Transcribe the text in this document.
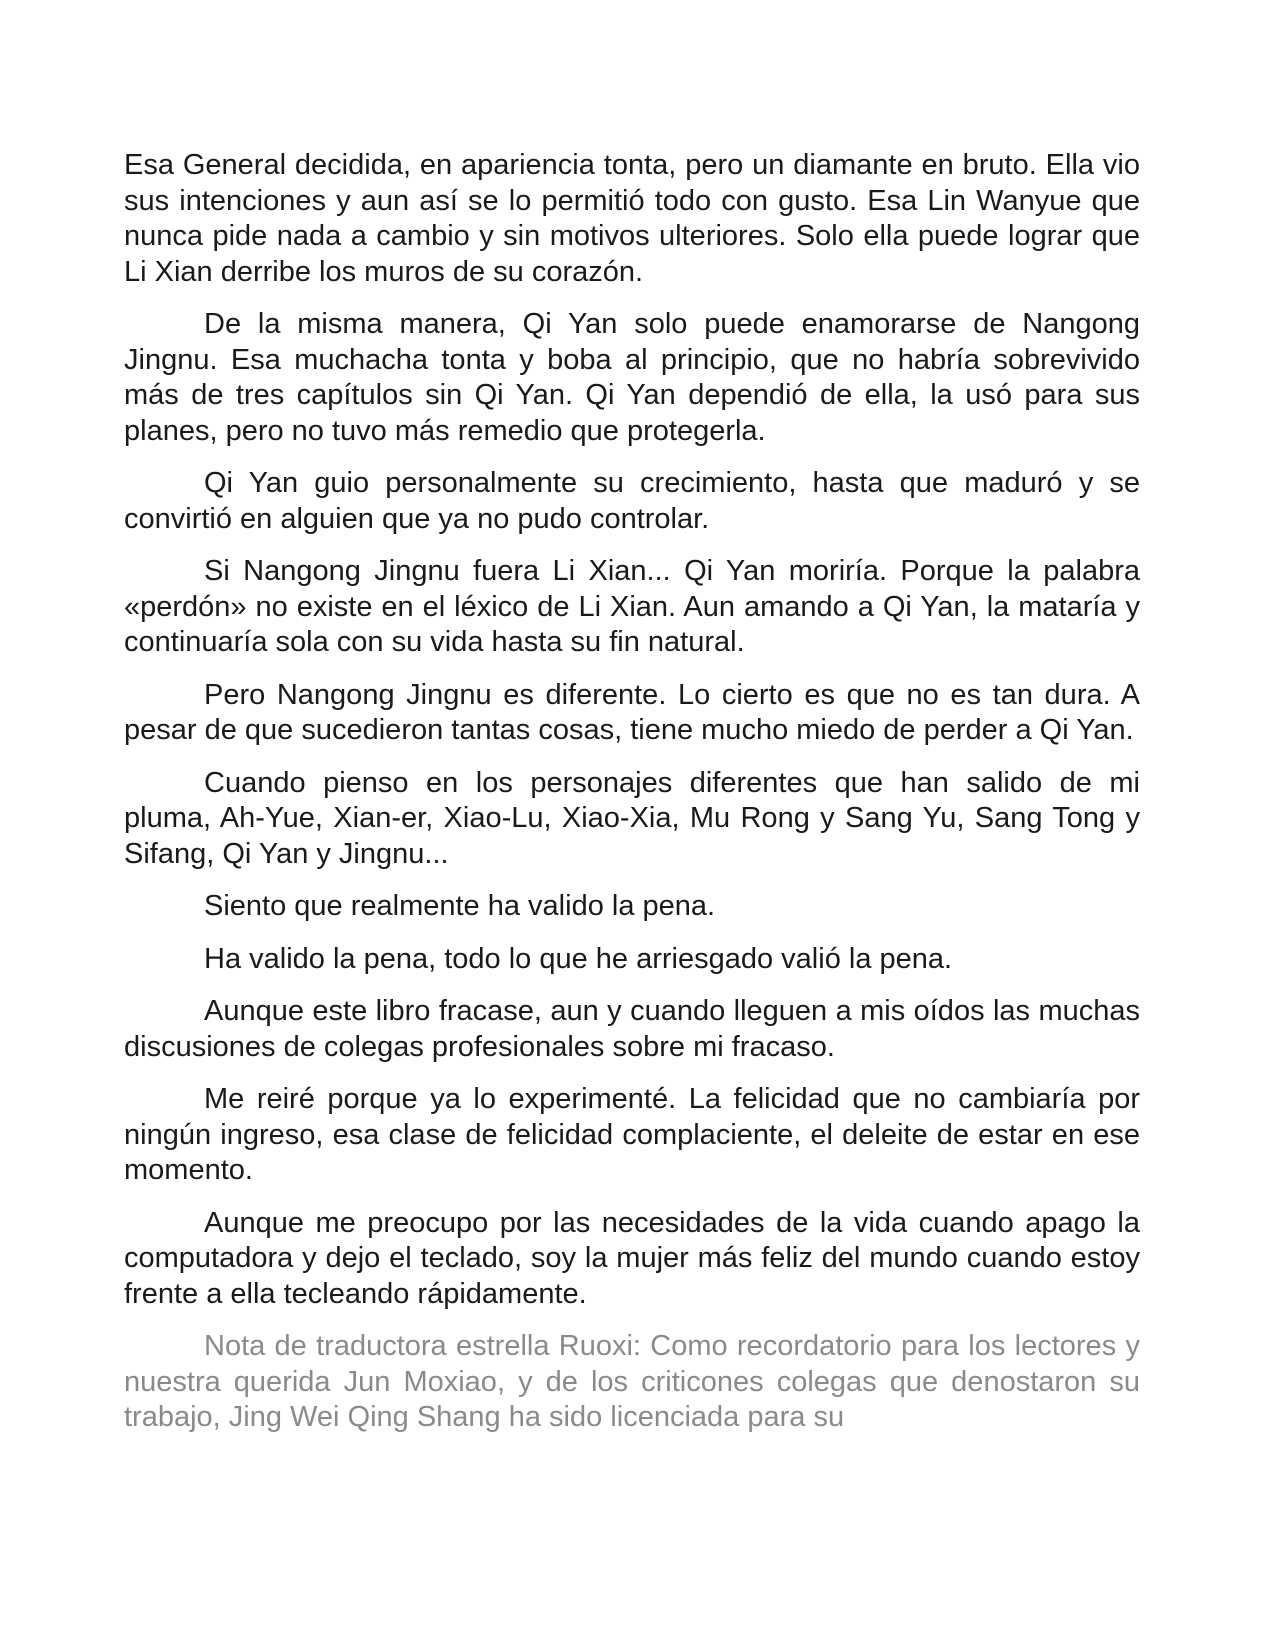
Esa General decidida, en apariencia tonta, pero un diamante en bruto. Ella vio sus intenciones y aun así se lo permitió todo con gusto. Esa Lin Wanyue que nunca pide nada a cambio y sin motivos ulteriores. Solo ella puede lograr que Li Xian derribe los muros de su corazón.

De la misma manera, Qi Yan solo puede enamorarse de Nangong Jingnu. Esa muchacha tonta y boba al principio, que no habría sobrevivido más de tres capítulos sin Qi Yan. Qi Yan dependió de ella, la usó para sus planes, pero no tuvo más remedio que protegerla.

Qi Yan guio personalmente su crecimiento, hasta que maduró y se convirtió en alguien que ya no pudo controlar.

Si Nangong Jingnu fuera Li Xian... Qi Yan moriría. Porque la palabra «perdón» no existe en el léxico de Li Xian. Aun amando a Qi Yan, la mataría y continuaría sola con su vida hasta su fin natural.

Pero Nangong Jingnu es diferente. Lo cierto es que no es tan dura. A pesar de que sucedieron tantas cosas, tiene mucho miedo de perder a Qi Yan.

Cuando pienso en los personajes diferentes que han salido de mi pluma, Ah-Yue, Xian-er, Xiao-Lu, Xiao-Xia, Mu Rong y Sang Yu, Sang Tong y Sifang, Qi Yan y Jingnu...

Siento que realmente ha valido la pena.

Ha valido la pena, todo lo que he arriesgado valió la pena.

Aunque este libro fracase, aun y cuando lleguen a mis oídos las muchas discusiones de colegas profesionales sobre mi fracaso.

Me reiré porque ya lo experimenté. La felicidad que no cambiaría por ningún ingreso, esa clase de felicidad complaciente, el deleite de estar en ese momento.

Aunque me preocupo por las necesidades de la vida cuando apago la computadora y dejo el teclado, soy la mujer más feliz del mundo cuando estoy frente a ella tecleando rápidamente.

Nota de traductora estrella Ruoxi: Como recordatorio para los lectores y nuestra querida Jun Moxiao, y de los criticones colegas que denostaron su trabajo, Jing Wei Qing Shang ha sido licenciada para su
